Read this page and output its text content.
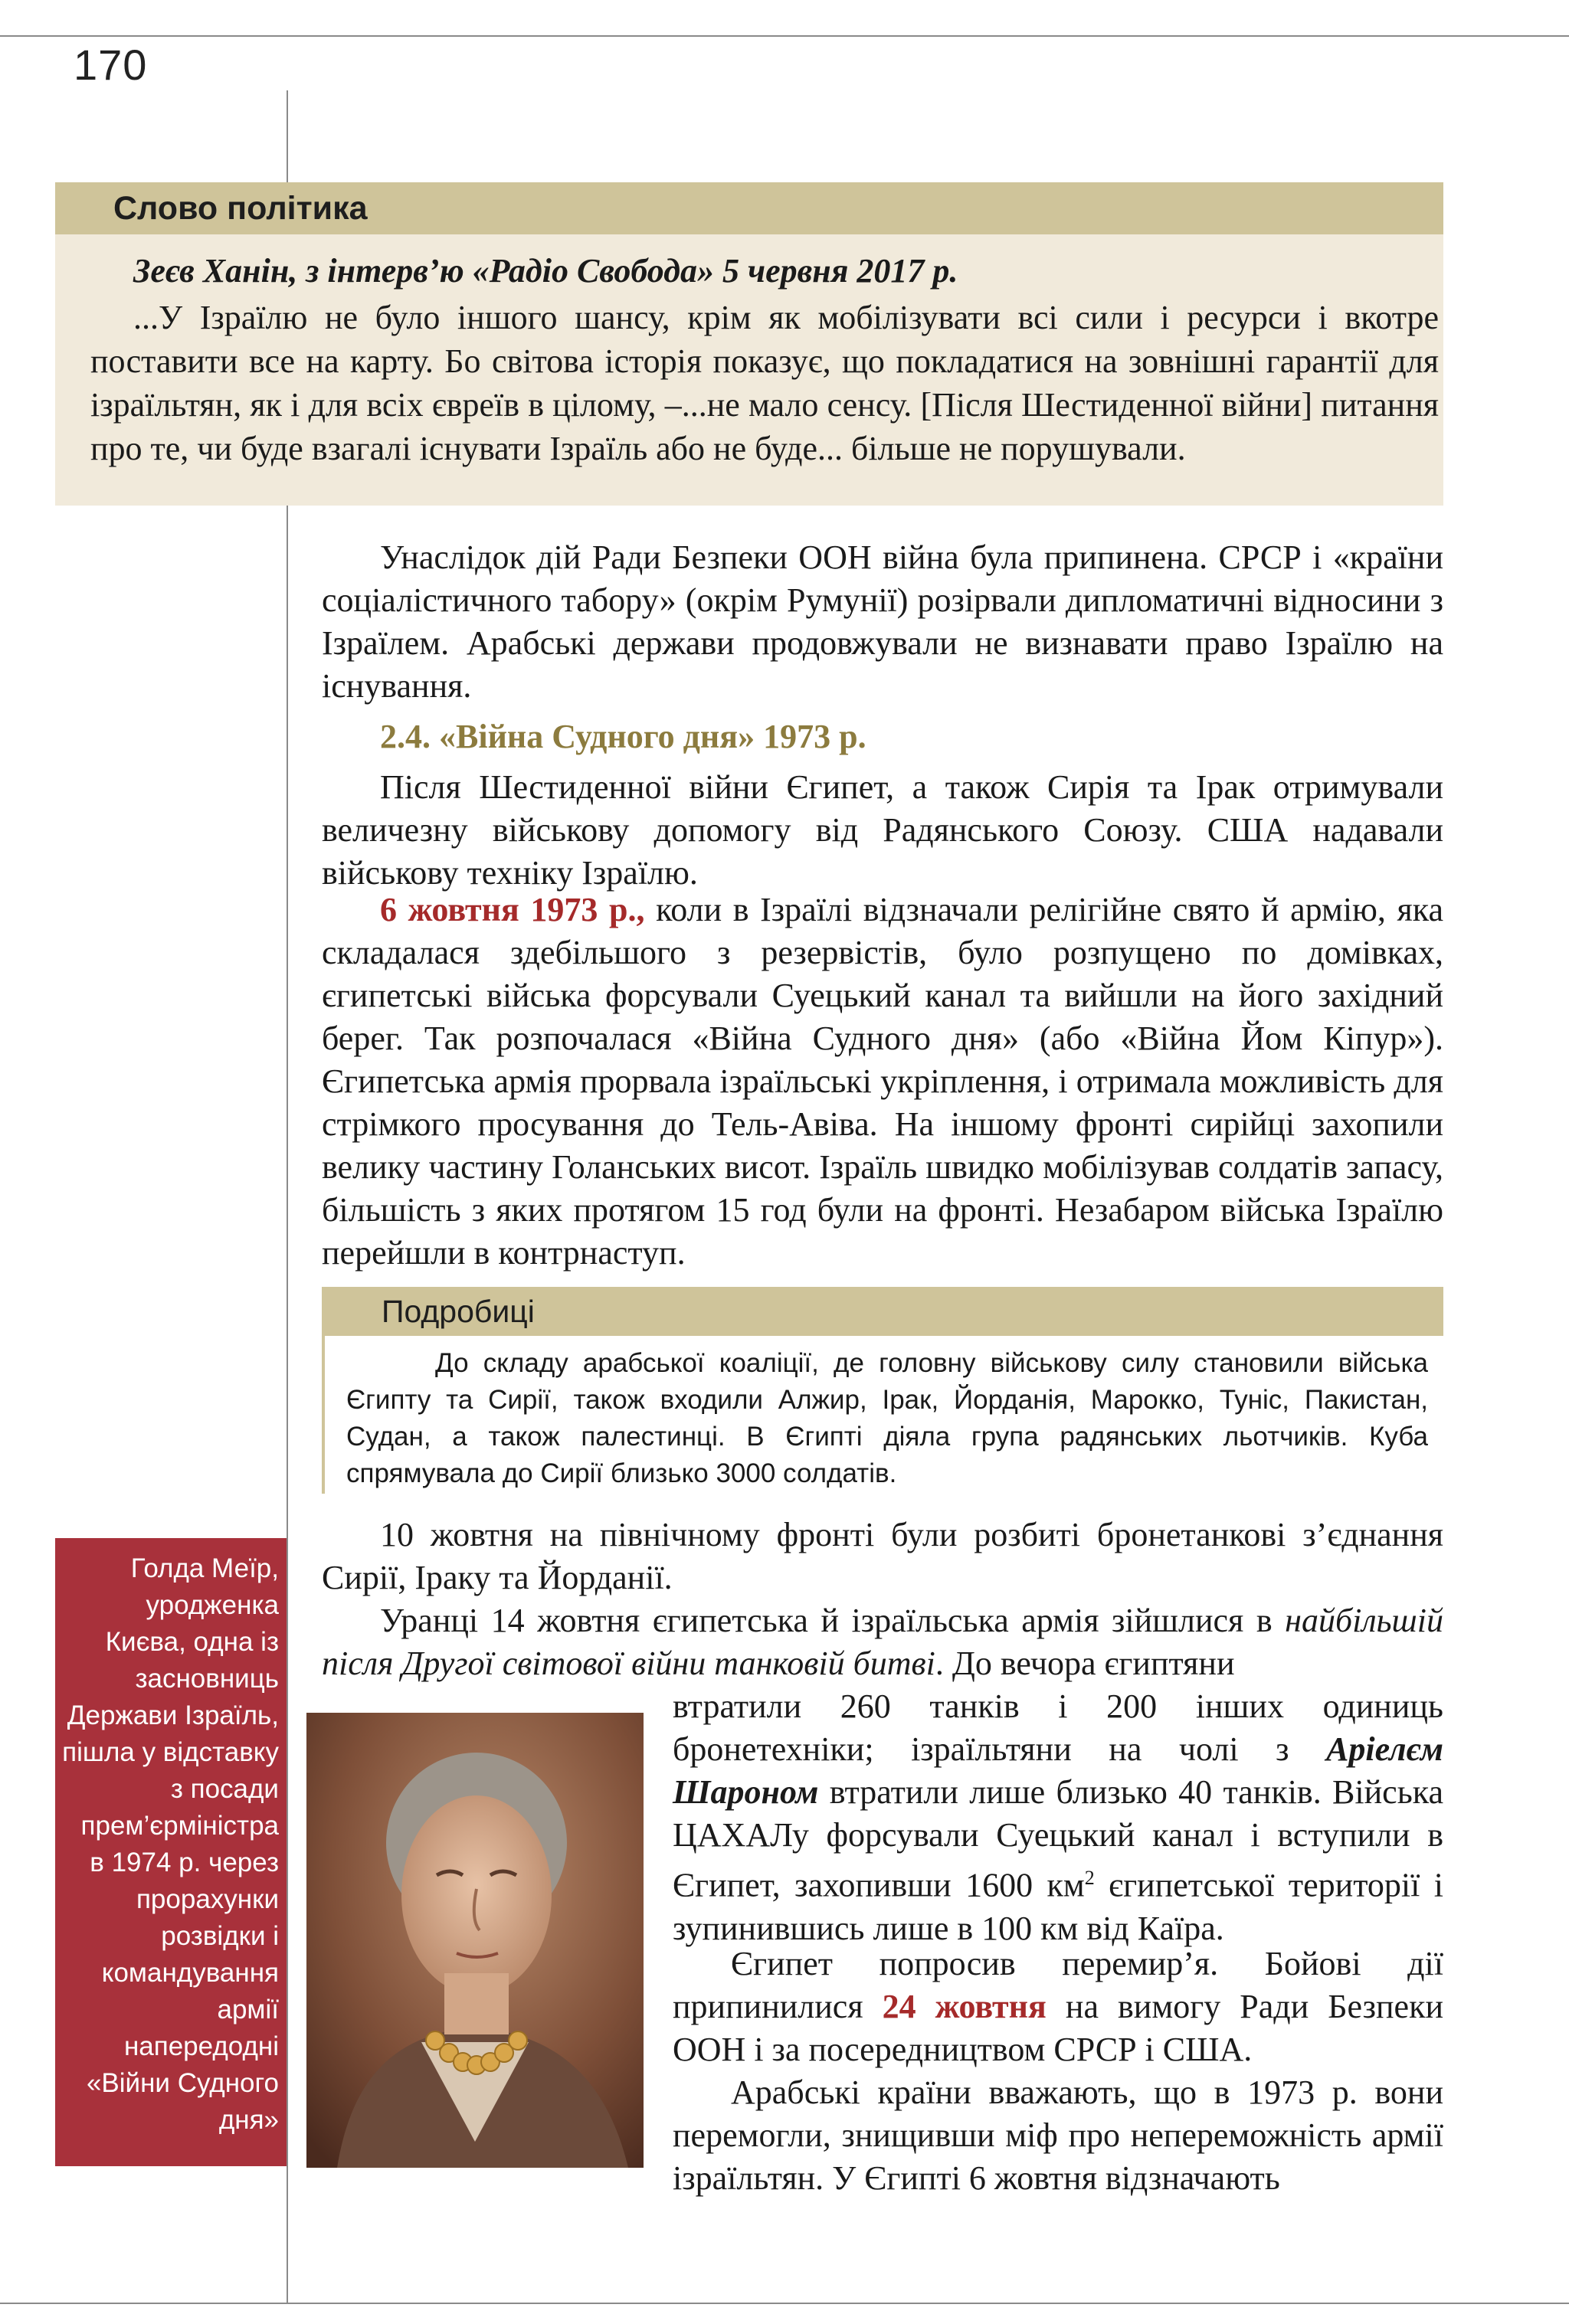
170
Слово політика
Зеєв Ханін, з інтерв’ю «Радіо Свобода» 5 червня 2017 р.
...У Ізраїлю не було іншого шансу, крім як мобілізувати всі сили і ресурси і вкотре поставити все на карту. Бо світова історія показує, що покладатися на зовнішні гарантії для ізраїльтян, як і для всіх євреїв в цілому, –...не мало сенсу. [Після Шестиденної війни] питання про те, чи буде взагалі існувати Ізраїль або не буде... більше не порушували.
Унаслідок дій Ради Безпеки ООН війна була припинена. СРСР і «країни соціалістичного табору» (окрім Румунії) розірвали дипломатичні відносини з Ізраїлем. Арабські держави продовжували не визнавати право Ізраїлю на існування.
2.4. «Війна Судного дня» 1973 р.
Після Шестиденної війни Єгипет, а також Сирія та Ірак отримували величезну військову допомогу від Радянського Союзу. США надавали військову техніку Ізраїлю.
6 жовтня 1973 р., коли в Ізраїлі відзначали релігійне свято й армію, яка складалася здебільшого з резервістів, було розпущено по домівках, єгипетські війська форсували Суецький канал та вийшли на його західний берег. Так розпочалася «Війна Судного дня» (або «Війна Йом Кіпур»). Єгипетська армія прорвала ізраїльські укріплення, і отримала можливість для стрімкого просування до Тель-Авіва. На іншому фронті сирійці захопили велику частину Голанських висот. Ізраїль швидко мобілізував солдатів запасу, більшість з яких протягом 15 год були на фронті. Незабаром війська Ізраїлю перейшли в контрнаступ.
Подробиці
До складу арабської коаліції, де головну військову силу становили війська Єгипту та Сирії, також входили Алжир, Ірак, Йорданія, Марокко, Туніс, Пакистан, Судан, а також палестинці. В Єгипті діяла група радянських льотчиків. Куба спрямувала до Сирії близько 3000 солдатів.
10 жовтня на північному фронті були розбиті бронетанкові з’єднання Сирії, Іраку та Йорданії.
Уранці 14 жовтня єгипетська й ізраїльська армія зійшлися в найбільшій після Другої світової війни танковій битві. До вечора єгиптяни
втратили 260 танків і 200 інших одиниць бронетехніки; ізраїльтяни на чолі з Аріелєм Шароном втратили лише близько 40 танків. Війська ЦАХАЛу форсували Суецький канал і вступили в Єгипет, захопивши 1600 $км^2$ єгипетської території і зупинившись лише в 100 км від Каїра.
Єгипет попросив перемир’я. Бойові дії припинилися 24 жовтня на вимогу Ради Безпеки ООН і за посередництвом СРСР і США.
Арабські країни вважають, що в 1973 р. вони перемогли, знищивши міф про непереможність армії ізраїльтян. У Єгипті 6 жовтня відзначають
Голда Меїр, уродженка Києва, одна із засновниць Держави Ізраїль, пішла у відставку з посади прем’єрміністра в 1974 р. через прорахунки розвідки і командування армії напередодні «Війни Судного дня»
